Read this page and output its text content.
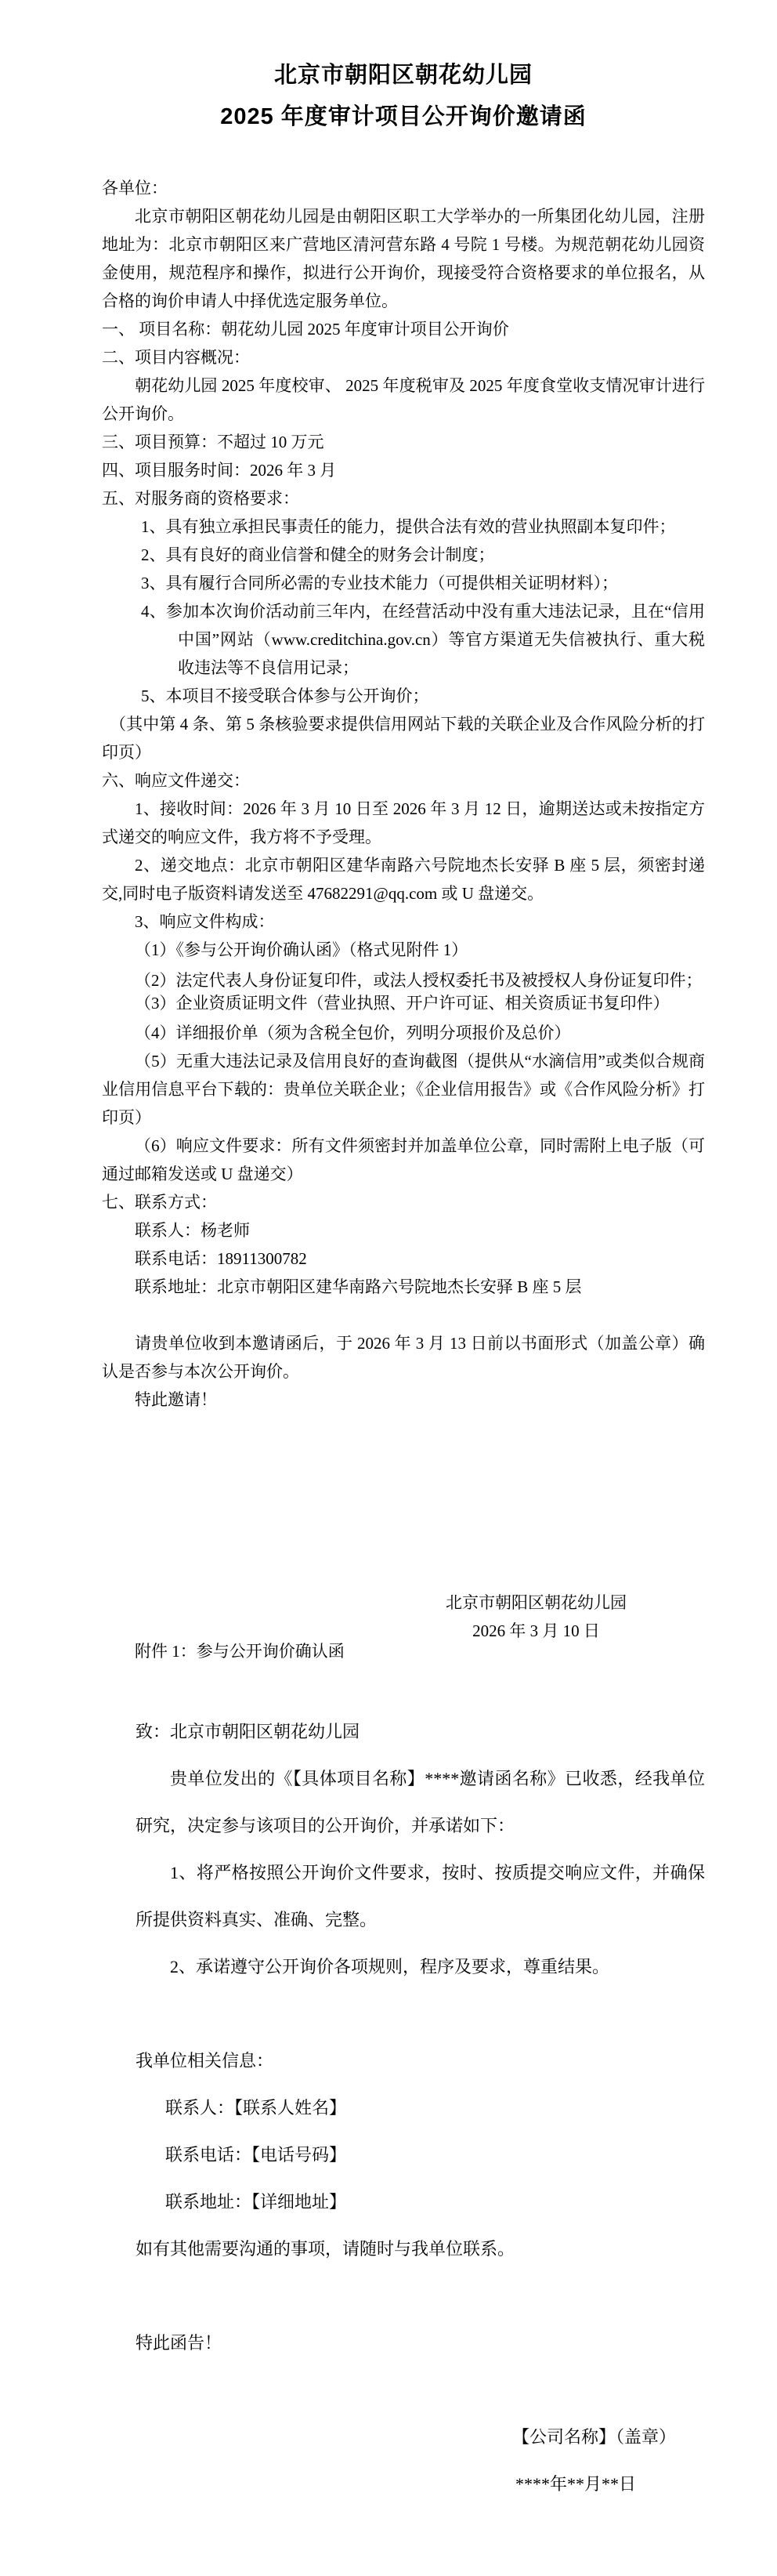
北京市朝阳区朝花幼儿园
2025 年度审计项目公开询价邀请函

各单位：

北京市朝阳区朝花幼儿园是由朝阳区职工大学举办的一所集团化幼儿园，注册地址为：北京市朝阳区来广营地区清河营东路 4 号院 1 号楼。为规范朝花幼儿园资金使用，规范程序和操作，拟进行公开询价，现接受符合资格要求的单位报名，从合格的询价申请人中择优选定服务单位。

一、 项目名称：朝花幼儿园 2025 年度审计项目公开询价

二、项目内容概况：

朝花幼儿园 2025 年度校审、 2025 年度税审及 2025 年度食堂收支情况审计进行公开询价。

三、项目预算：不超过 10 万元

四、项目服务时间：2026 年 3 月

五、对服务商的资格要求：

1、具有独立承担民事责任的能力，提供合法有效的营业执照副本复印件；

2、具有良好的商业信誉和健全的财务会计制度；

3、具有履行合同所必需的专业技术能力（可提供相关证明材料）；

4、参加本次询价活动前三年内，在经营活动中没有重大违法记录，且在“信用中国”网站（www.creditchina.gov.cn）等官方渠道无失信被执行、重大税收违法等不良信用记录；

5、本项目不接受联合体参与公开询价；

（其中第 4 条、第 5 条核验要求提供信用网站下载的关联企业及合作风险分析的打印页）

六、响应文件递交：

1、接收时间：2026 年 3 月 10 日至 2026 年 3 月 12 日，逾期送达或未按指定方式递交的响应文件，我方将不予受理。

2、递交地点：北京市朝阳区建华南路六号院地杰长安驿 B 座 5 层，须密封递交,同时电子版资料请发送至 47682291@qq.com 或 U 盘递交。

3、响应文件构成：

（1）《参与公开询价确认函》（格式见附件 1）

（2）法定代表人身份证复印件，或法人授权委托书及被授权人身份证复印件；

（3）企业资质证明文件（营业执照、开户许可证、相关资质证书复印件）

（4）详细报价单（须为含税全包价，列明分项报价及总价）

（5）无重大违法记录及信用良好的查询截图（提供从“水滴信用”或类似合规商业信用信息平台下载的：贵单位关联企业；《企业信用报告》或《合作风险分析》打印页）

（6）响应文件要求：所有文件须密封并加盖单位公章，同时需附上电子版（可通过邮箱发送或 U 盘递交）

七、联系方式：

联系人：杨老师

联系电话：18911300782

联系地址：北京市朝阳区建华南路六号院地杰长安驿 B 座 5 层

请贵单位收到本邀请函后，于 2026 年 3 月 13 日前以书面形式（加盖公章）确认是否参与本次公开询价。

特此邀请！

北京市朝阳区朝花幼儿园
2026 年 3 月 10 日

附件 1：参与公开询价确认函

致：北京市朝阳区朝花幼儿园

贵单位发出的《【具体项目名称】****邀请函名称》已收悉，经我单位研究，决定参与该项目的公开询价，并承诺如下：

1、将严格按照公开询价文件要求，按时、按质提交响应文件，并确保所提供资料真实、准确、完整。

2、承诺遵守公开询价各项规则，程序及要求，尊重结果。

我单位相关信息：

联系人：【联系人姓名】

联系电话：【电话号码】

联系地址：【详细地址】

如有其他需要沟通的事项，请随时与我单位联系。

特此函告！

【公司名称】（盖章）

****年**月**日
